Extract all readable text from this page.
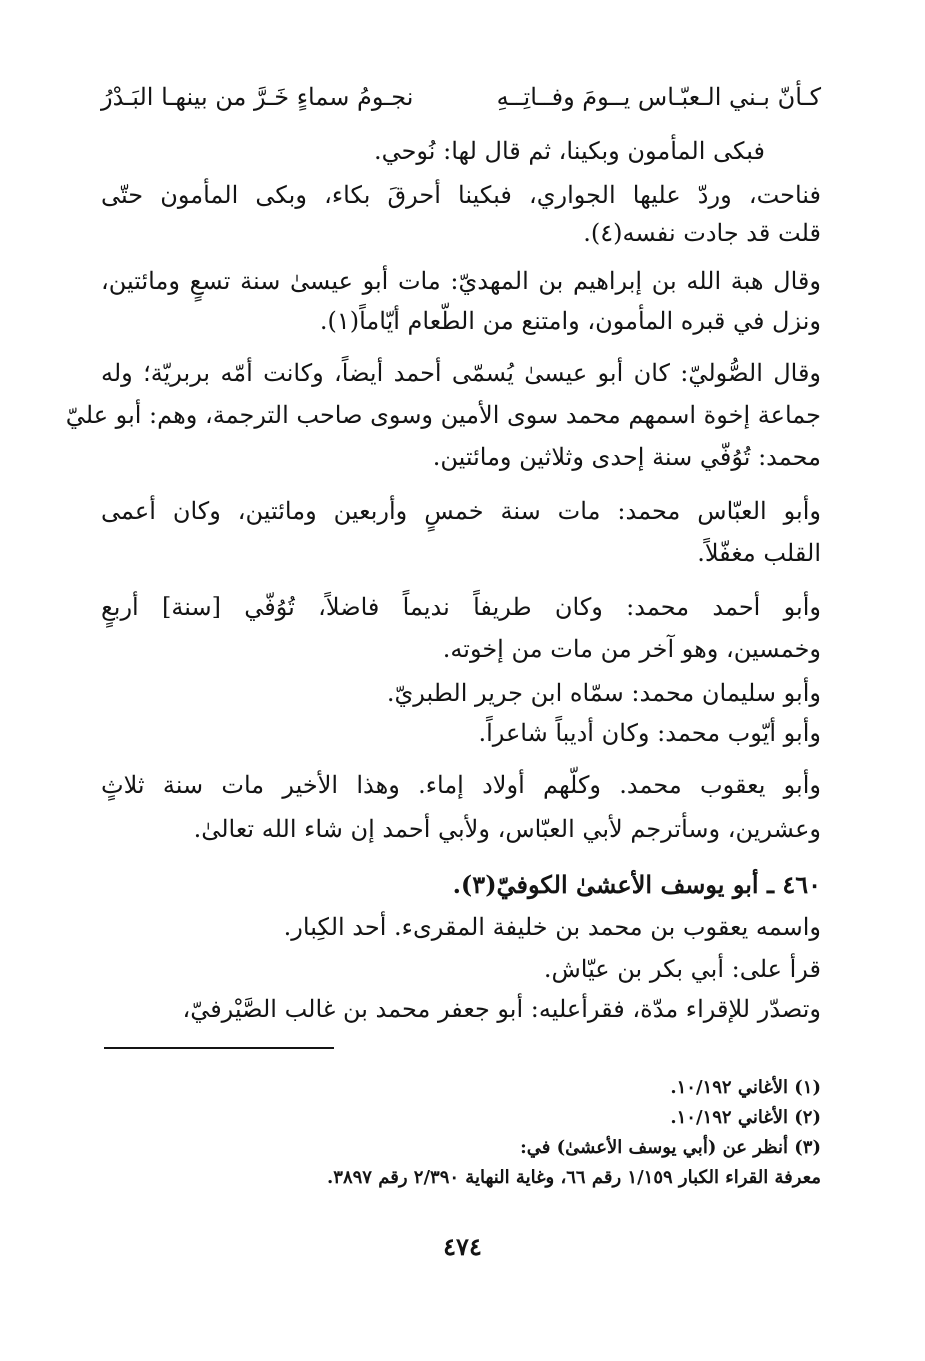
كـأنّ بـني الـعبّـاس يــومَ وفــاتِــهِ
نجـومُ سماءٍ خَـرَّ من بينهـا البَـدْرُ
فبكى المأمون وبكينا، ثم قال لها: نُوحي.
فناحت، وردّ عليها الجواري، فبكينا أحرقَ بكاء، وبكى المأمون حتّى
قلت قد جادت نفسه(٤).
وقال هبة الله بن إبراهيم بن المهديّ: مات أبو عيسىٰ سنة تسعٍ ومائتين،
ونزل في قبره المأمون، وامتنع من الطّعام أيّاماً(١).
وقال الصُّوليّ: كان أبو عيسىٰ يُسمّى أحمد أيضاً، وكانت أمّه بربريّة؛ وله
جماعة إخوة اسمهم محمد سوى الأمين وسوى صاحب الترجمة، وهم: أبو عليّ
محمد: تُوُفّي سنة إحدى وثلاثين ومائتين.
وأبو العبّاس محمد: مات سنة خمسٍ وأربعين ومائتين، وكان أعمى
القلب مغفّلاً.
وأبو أحمد محمد: وكان طريفاً نديماً فاضلاً، تُوُفّي [سنة] أربعٍ
وخمسين، وهو آخر من مات من إخوته.
وأبو سليمان محمد: سمّاه ابن جرير الطبريّ.
وأبو أيّوب محمد: وكان أديباً شاعراً.
وأبو يعقوب محمد. وكلّهم أولاد إماء. وهذا الأخير مات سنة ثلاثٍ
وعشرين، وسأترجم لأبي العبّاس، ولأبي أحمد إن شاء الله تعالىٰ.
٤٦٠ ـ أبو يوسف الأعشىٰ الكوفيّ(٣).
واسمه يعقوب بن محمد بن خليفة المقرىء. أحد الكِبار.
قرأ على: أبي بكر بن عيّاش.
وتصدّر للإقراء مدّة، فقرأعليه: أبو جعفر محمد بن غالب الصَّيْرفيّ،
(١) الأغاني ١٠/١٩٢.
(٢) الأغاني ١٠/١٩٢.
(٣) أنظر عن (أبي يوسف الأعشىٰ) في:
معرفة القراء الكبار ١/١٥٩ رقم ٦٦، وغاية النهاية ٢/٣٩٠ رقم ٣٨٩٧.
٤٧٤
